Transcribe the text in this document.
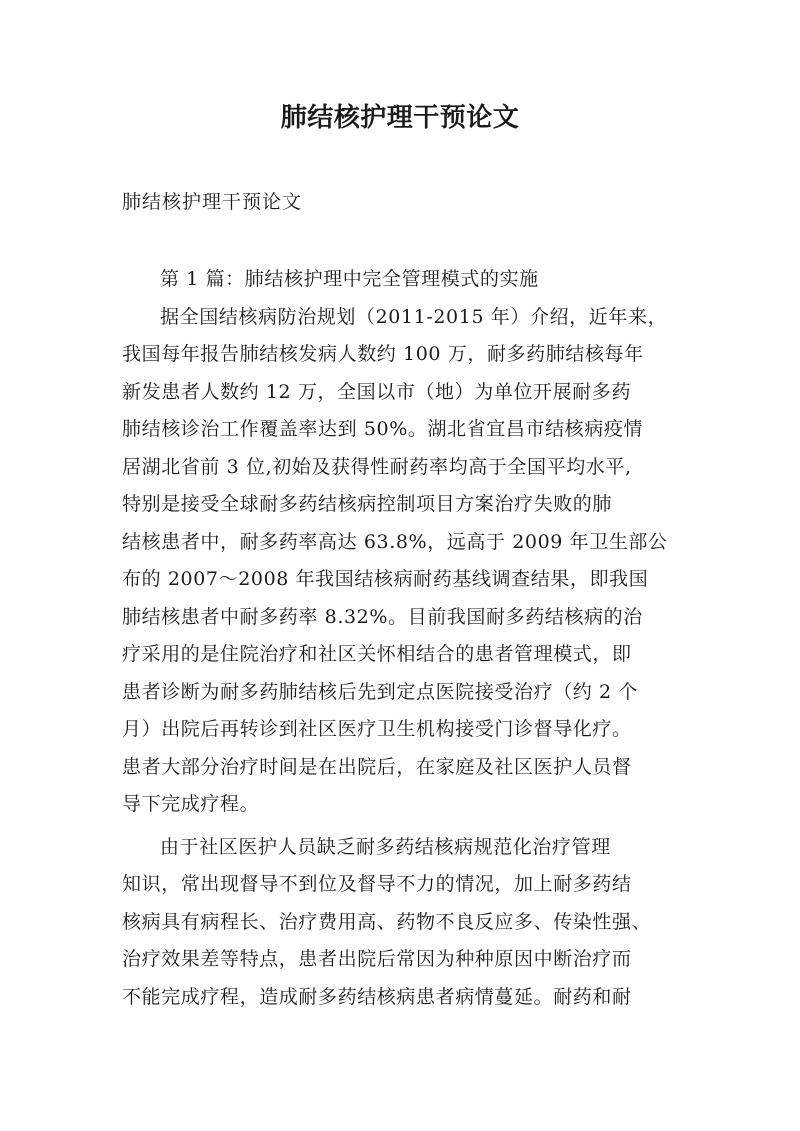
肺结核护理干预论文

肺结核护理干预论文

第 1 篇：肺结核护理中完全管理模式的实施

据全国结核病防治规划（2011-2015 年）介绍，近年来，
我国每年报告肺结核发病人数约 100 万，耐多药肺结核每年
新发患者人数约 12 万，全国以市（地）为单位开展耐多药
肺结核诊治工作覆盖率达到 50%。湖北省宜昌市结核病疫情
居湖北省前 3 位,初始及获得性耐药率均高于全国平均水平,
特别是接受全球耐多药结核病控制项目方案治疗失败的肺
结核患者中，耐多药率高达 63.8%，远高于 2009 年卫生部公
布的 2007～2008 年我国结核病耐药基线调查结果，即我国
肺结核患者中耐多药率 8.32%。目前我国耐多药结核病的治
疗采用的是住院治疗和社区关怀相结合的患者管理模式，即
患者诊断为耐多药肺结核后先到定点医院接受治疗（约 2 个
月）出院后再转诊到社区医疗卫生机构接受门诊督导化疗。
患者大部分治疗时间是在出院后，在家庭及社区医护人员督
导下完成疗程。

由于社区医护人员缺乏耐多药结核病规范化治疗管理
知识，常出现督导不到位及督导不力的情况，加上耐多药结
核病具有病程长、治疗费用高、药物不良反应多、传染性强、
治疗效果差等特点，患者出院后常因为种种原因中断治疗而
不能完成疗程，造成耐多药结核病患者病情蔓延。耐药和耐
